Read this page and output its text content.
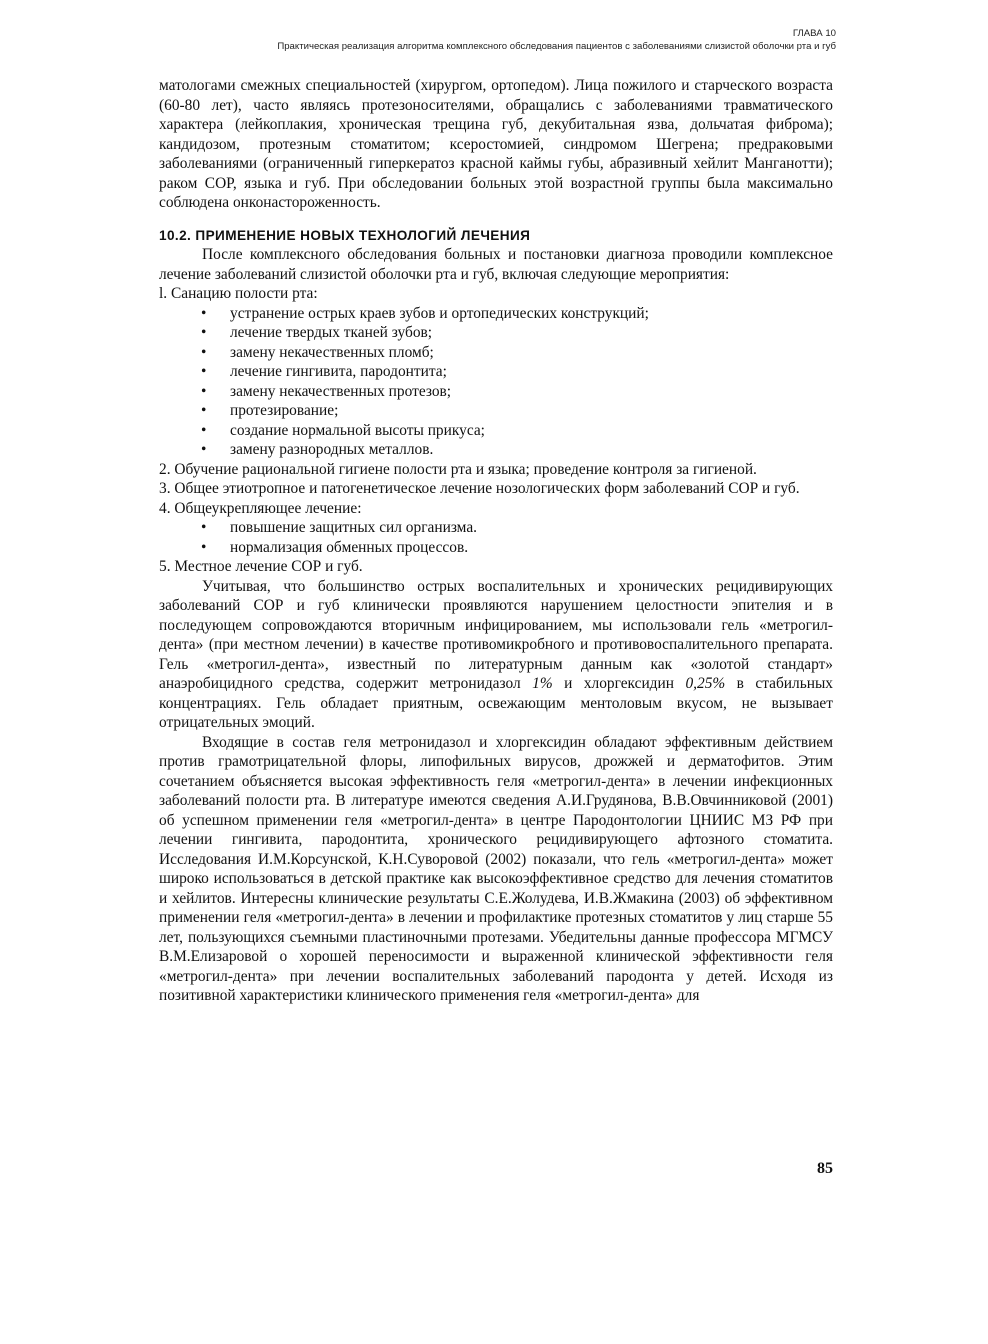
ГЛАВА 10
Практическая реализация алгоритма комплексного обследования пациентов с заболеваниями слизистой оболочки рта и губ

матологами смежных специальностей (хирургом, ортопедом). Лица пожилого и старческого возраста (60-80 лет), часто являясь протезоносителями, обращались с заболеваниями травматического характера (лейкоплакия, хроническая трещина губ, декубитальная язва, дольчатая фиброма); кандидозом, протезным стоматитом; ксеростомией, синдромом Шегрена; предраковыми заболеваниями (ограниченный гиперкератоз красной каймы губы, абразивный хейлит Манганотти); раком СОР, языка и губ. При обследовании больных этой возрастной группы была максимально соблюдена онконастороженность.

10.2. ПРИМЕНЕНИЕ НОВЫХ ТЕХНОЛОГИЙ ЛЕЧЕНИЯ

После комплексного обследования больных и постановки диагноза проводили комплексное лечение заболеваний слизистой оболочки рта и губ, включая следующие мероприятия:

l. Санацию полости рта:

• устранение острых краев зубов и ортопедических конструкций;
• лечение твердых тканей зубов;
• замену некачественных пломб;
• лечение гингивита, пародонтита;
• замену некачественных протезов;
• протезирование;
• создание нормальной высоты прикуса;
• замену разнородных металлов.

2. Обучение рациональной гигиене полости рта и языка; проведение контроля за гигиеной.

3. Общее этиотропное и патогенетическое лечение нозологических форм заболеваний СОР и губ.

4. Общеукрепляющее лечение:

• повышение защитных сил организма.
• нормализация обменных процессов.

5. Местное лечение СОР и губ.

Учитывая, что большинство острых воспалительных и хронических рецидивирующих заболеваний СОР и губ клинически проявляются нарушением целостности эпителия и в последующем сопровождаются вторичным инфицированием, мы использовали гель «метрогил-дента» (при местном лечении) в качестве противомикробного и противовоспалительного препарата. Гель «метрогил-дента», известный по литературным данным как «золотой стандарт» анаэробицидного средства, содержит метронидазол 1% и хлоргексидин 0,25% в стабильных концентрациях. Гель обладает приятным, освежающим ментоловым вкусом, не вызывает отрицательных эмоций.

Входящие в состав геля метронидазол и хлоргексидин обладают эффективным действием против грамотрицательной флоры, липофильных вирусов, дрожжей и дерматофитов. Этим сочетанием объясняется высокая эффективность геля «метрогил-дента» в лечении инфекционных заболеваний полости рта. В литературе имеются сведения А.И.Грудянова, В.В.Овчинниковой (2001) об успешном применении геля «метрогил-дента» в центре Пародонтологии ЦНИИС МЗ РФ при лечении гингивита, пародонтита, хронического рецидивирующего афтозного стоматита. Исследования И.М.Корсунской, К.Н.Суворовой (2002) показали, что гель «метрогил-дента» может широко использоваться в детской практике как высокоэффективное средство для лечения стоматитов и хейлитов. Интересны клинические результаты С.Е.Жолудева, И.В.Жмакина (2003) об эффективном применении геля «метрогил-дента» в лечении и профилактике протезных стоматитов у лиц старше 55 лет, пользующихся съемными пластиночными протезами. Убедительны данные профессора МГМСУ В.М.Елизаровой о хорошей переносимости и выраженной клинической эффективности геля «метрогил-дента» при лечении воспалительных заболеваний пародонта у детей. Исходя из позитивной характеристики клинического применения геля «метрогил-дента» для

85
